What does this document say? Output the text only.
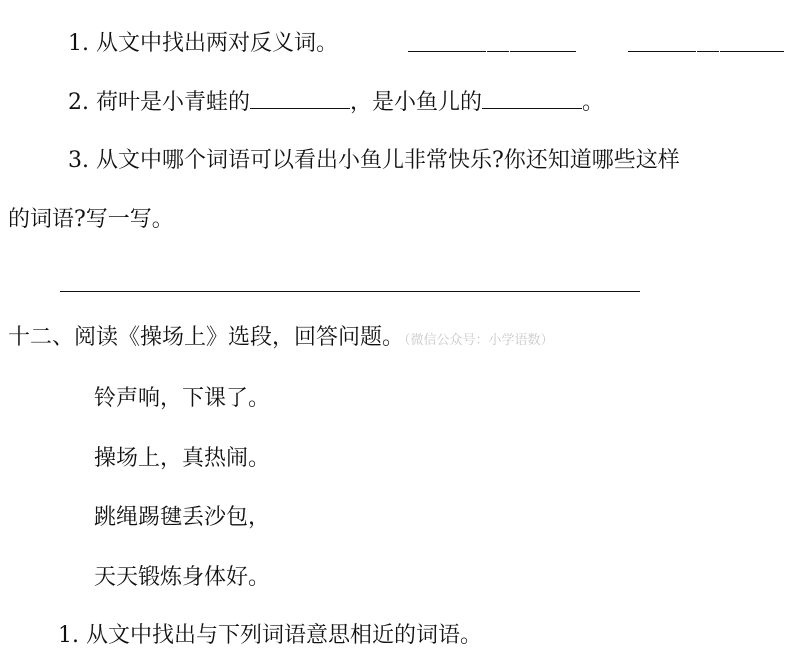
1. 从文中找出两对反义词。
2. 荷叶是小青蛙的	，是小鱼儿的	。
3. 从文中哪个词语可以看出小鱼儿非常快乐?你还知道哪些这样
的词语?写一写。
十二、阅读《操场上》选段，回答问题。（微信公众号：小学语数）
铃声响，下课了。
操场上，真热闹。
跳绳踢毽丢沙包，
天天锻炼身体好。
1. 从文中找出与下列词语意思相近的词语。
